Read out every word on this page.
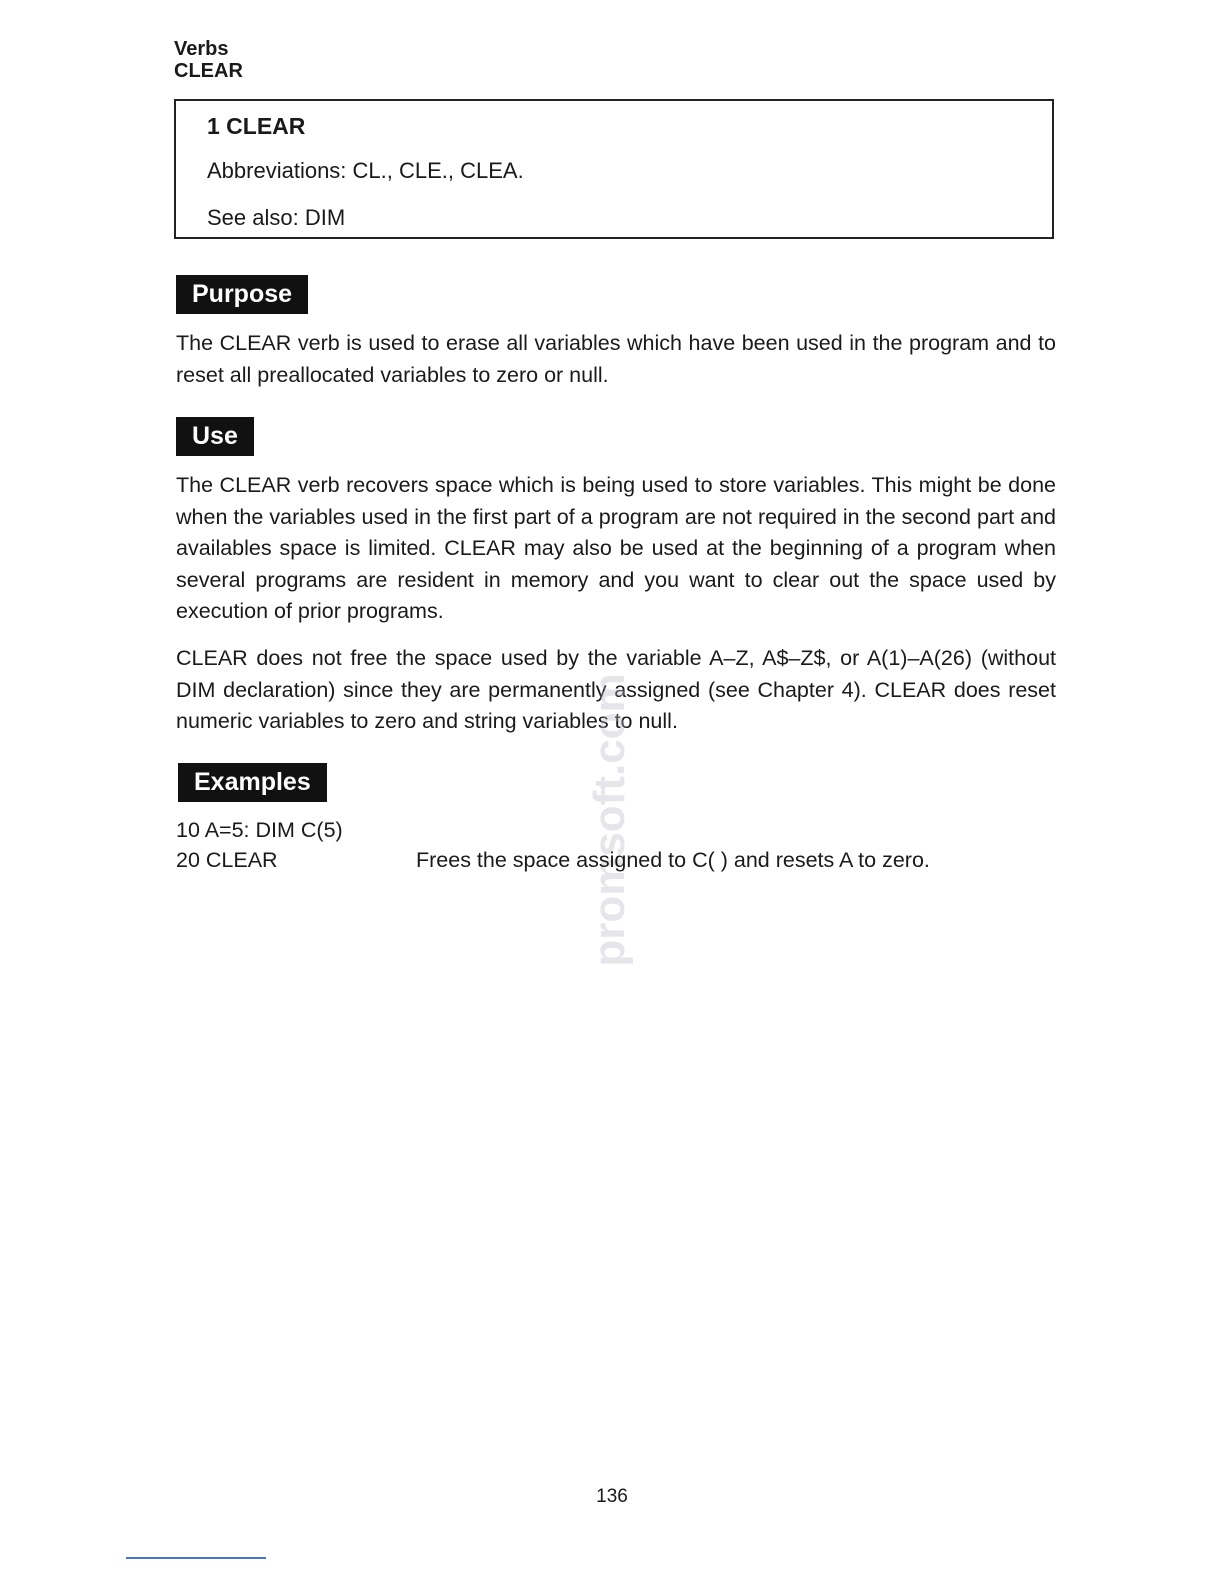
Verbs
CLEAR
1 CLEAR
Abbreviations: CL., CLE., CLEA.
See also: DIM
Purpose
The CLEAR verb is used to erase all variables which have been used in the program and to reset all preallocated variables to zero or null.
Use
The CLEAR verb recovers space which is being used to store variables. This might be done when the variables used in the first part of a program are not required in the second part and availables space is limited. CLEAR may also be used at the beginning of a program when several programs are resident in memory and you want to clear out the space used by execution of prior programs.
CLEAR does not free the space used by the variable A–Z, A$–Z$, or A(1)–A(26) (without DIM declaration) since they are permanently assigned (see Chapter 4). CLEAR does reset numeric variables to zero and string variables to null.
promsoft.com
Examples
10 A=5: DIM C(5)
20 CLEAR	Frees the space assigned to C( ) and resets A to zero.
136
